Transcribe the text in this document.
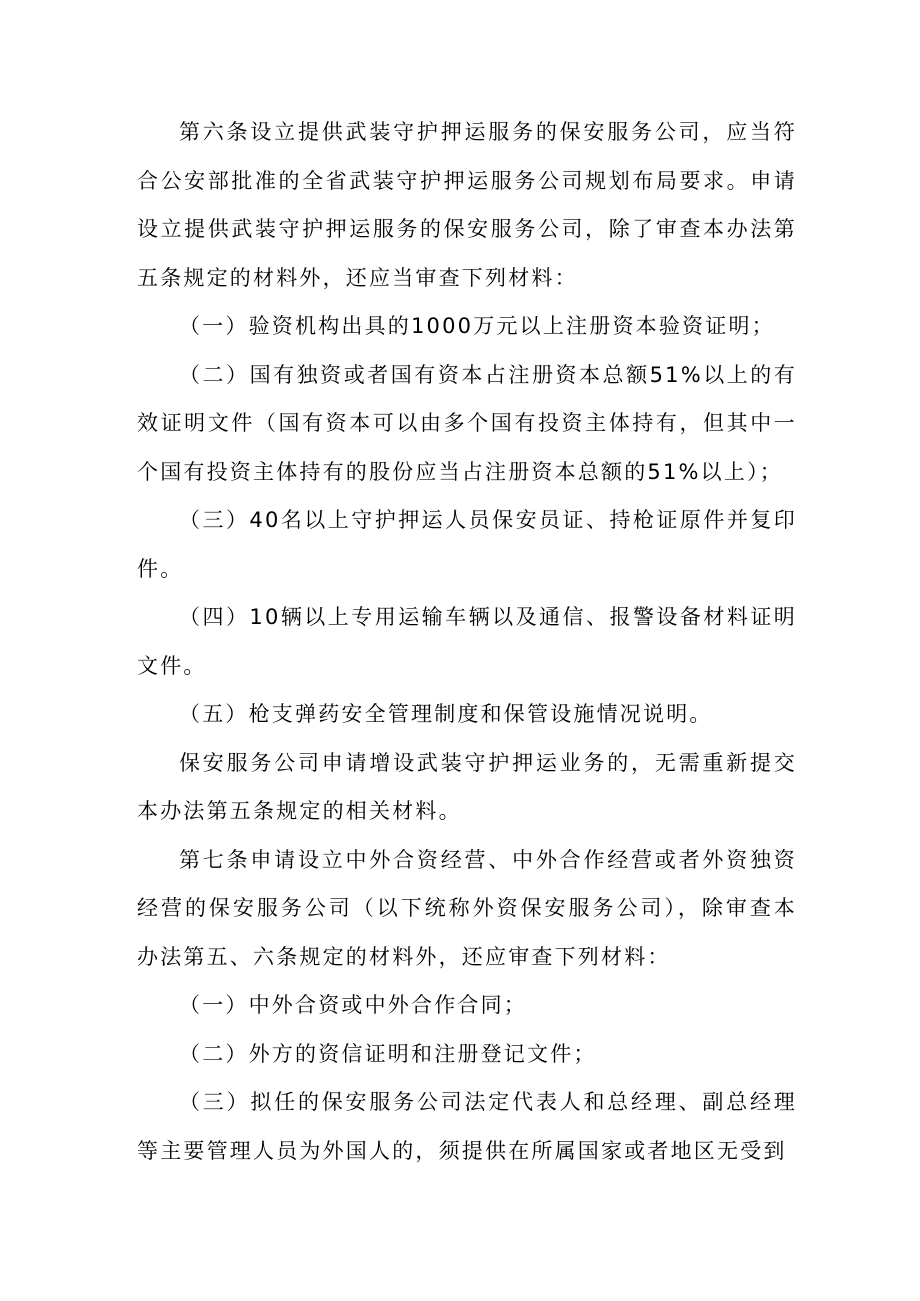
第六条设立提供武装守护押运服务的保安服务公司，应当符合公安部批准的全省武装守护押运服务公司规划布局要求。申请设立提供武装守护押运服务的保安服务公司，除了审查本办法第五条规定的材料外，还应当审查下列材料：

（一）验资机构出具的1000万元以上注册资本验资证明；

（二）国有独资或者国有资本占注册资本总额51%以上的有效证明文件（国有资本可以由多个国有投资主体持有，但其中一个国有投资主体持有的股份应当占注册资本总额的51%以上）；

（三）40名以上守护押运人员保安员证、持枪证原件并复印件。

（四）10辆以上专用运输车辆以及通信、报警设备材料证明文件。

（五）枪支弹药安全管理制度和保管设施情况说明。

保安服务公司申请增设武装守护押运业务的，无需重新提交本办法第五条规定的相关材料。

第七条申请设立中外合资经营、中外合作经营或者外资独资经营的保安服务公司（以下统称外资保安服务公司），除审查本办法第五、六条规定的材料外，还应审查下列材料：

（一）中外合资或中外合作合同；

（二）外方的资信证明和注册登记文件；

（三）拟任的保安服务公司法定代表人和总经理、副总经理等主要管理人员为外国人的，须提供在所属国家或者地区无受到
